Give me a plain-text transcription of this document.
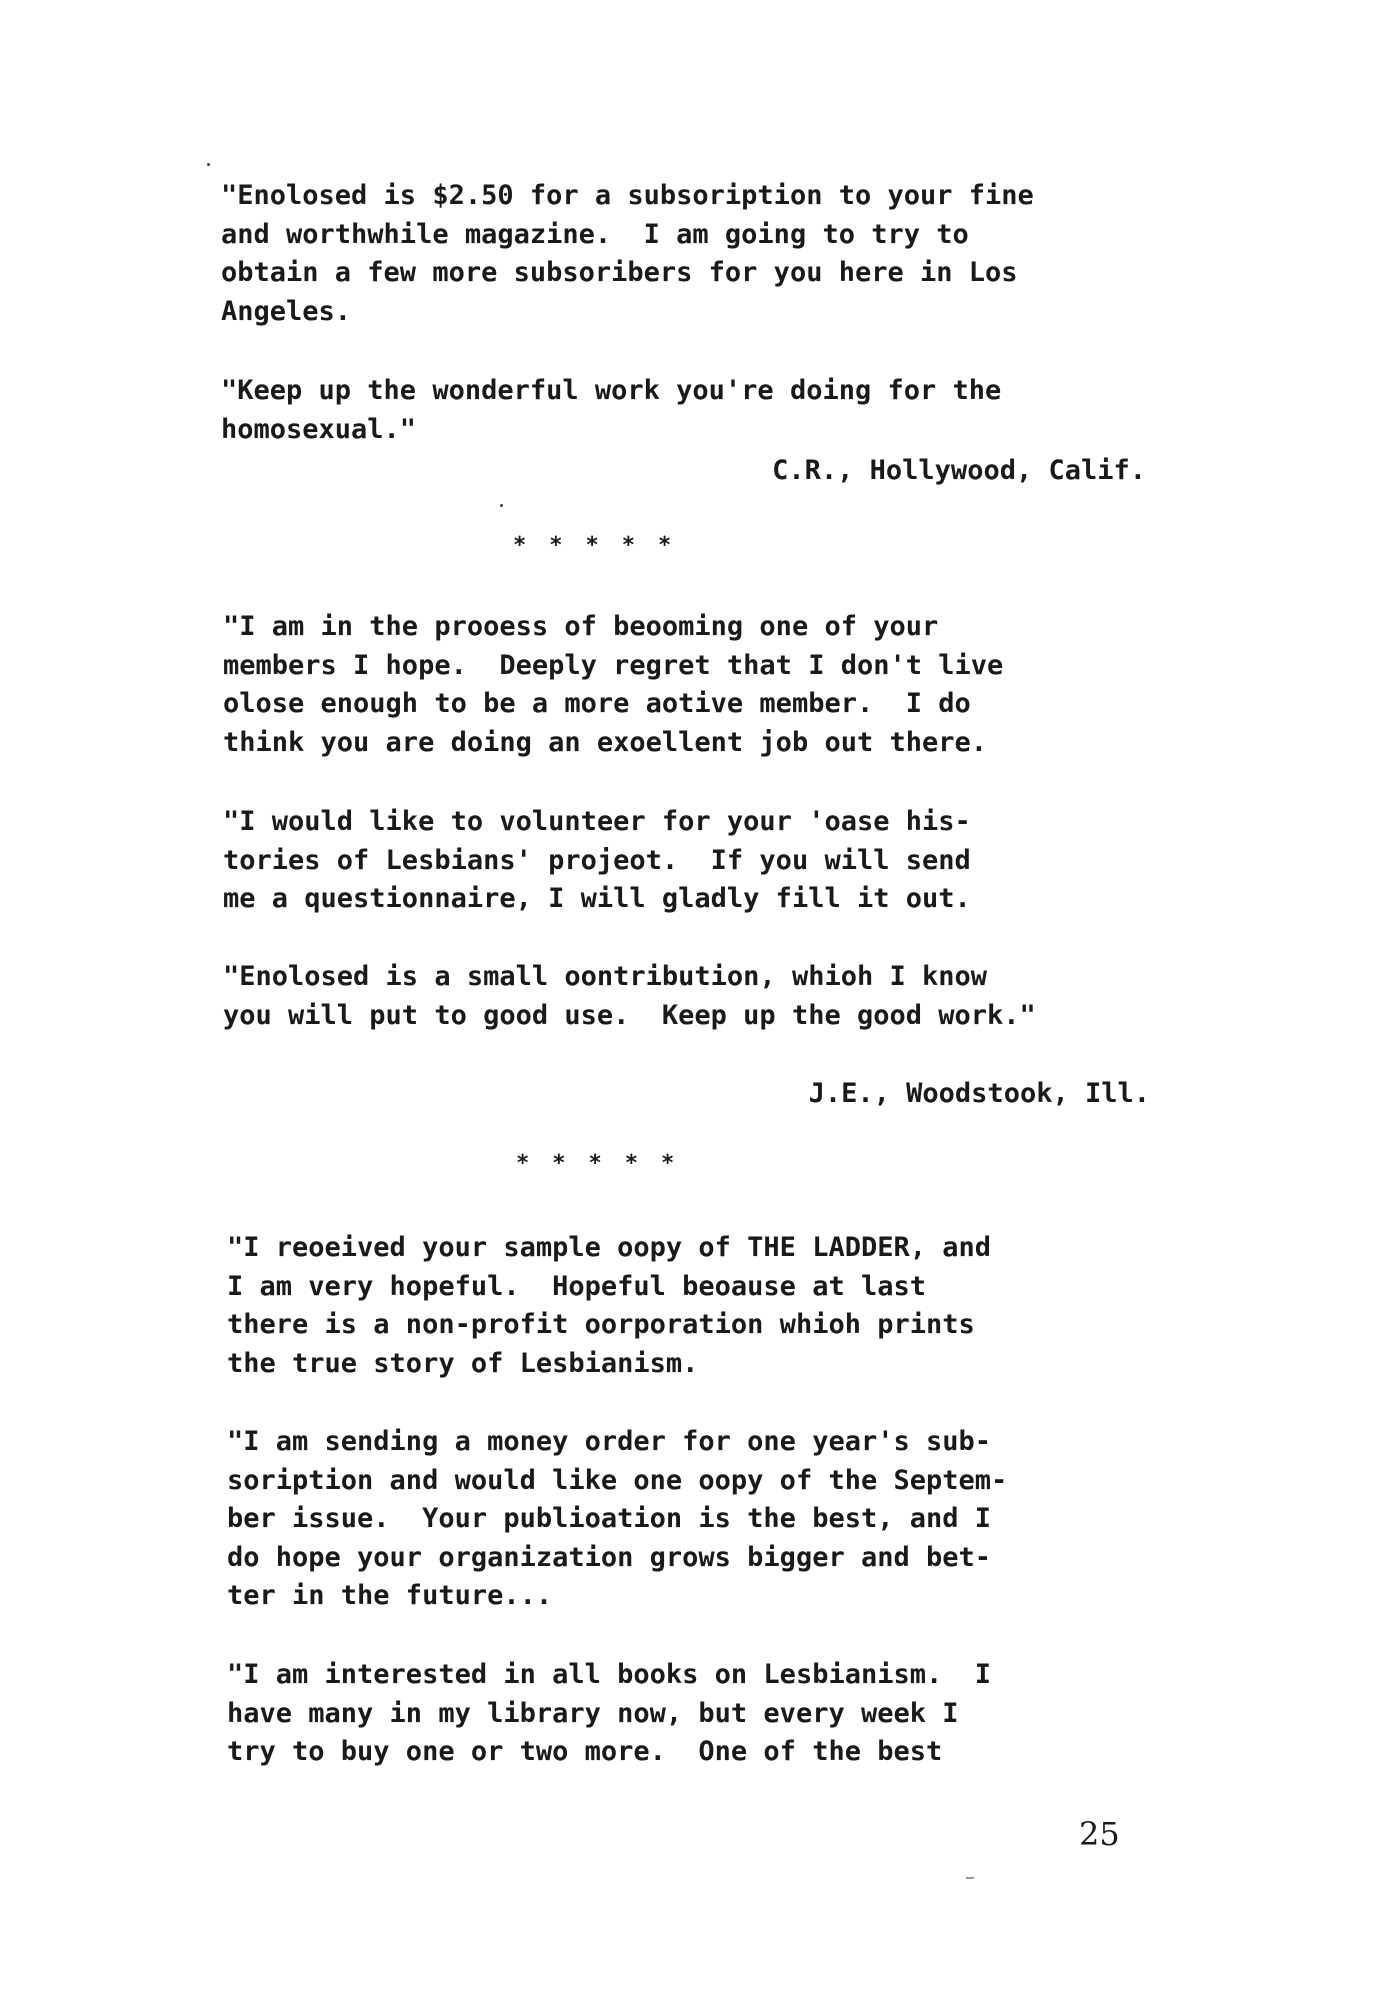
"Enolosed is $2.50 for a subsoription to your fine
and worthwhile magazine.  I am going to try to
obtain a few more subsoribers for you here in Los
Angeles.

"Keep up the wonderful work you're doing for the
homosexual."

C.R., Hollywood, Calif.

* * * * *

"I am in the prooess of beooming one of your
members I hope.  Deeply regret that I don't live
olose enough to be a more aotive member.  I do
think you are doing an exoellent job out there.

"I would like to volunteer for your 'oase his-
tories of Lesbians' projeot.  If you will send
me a questionnaire, I will gladly fill it out.

"Enolosed is a small oontribution, whioh I know
you will put to good use.  Keep up the good work."

J.E., Woodstook, Ill.

* * * * *

"I reoeived your sample oopy of THE LADDER, and
I am very hopeful.  Hopeful beoause at last
there is a non-profit oorporation whioh prints
the true story of Lesbianism.

"I am sending a money order for one year's sub-
soription and would like one oopy of the Septem-
ber issue.  Your publioation is the best, and I
do hope your organization grows bigger and bet-
ter in the future...

"I am interested in all books on Lesbianism.  I
have many in my library now, but every week I
try to buy one or two more.  One of the best

25
